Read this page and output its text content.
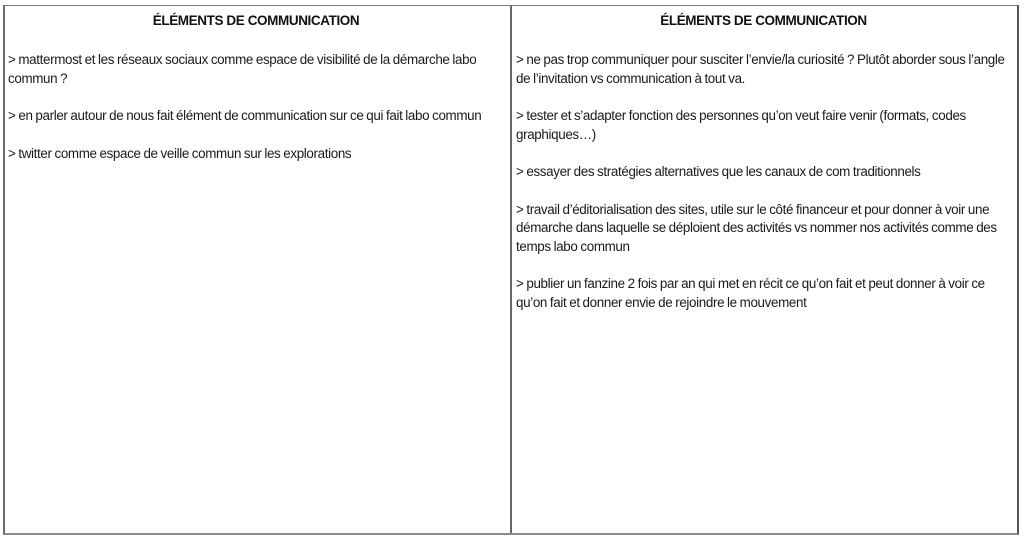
ÉLÉMENTS DE COMMUNICATION

> mattermost et les réseaux sociaux comme espace de visibilité de la démarche labo commun ?

> en parler autour de nous fait élément de communication sur ce qui fait labo commun

> twitter comme espace de veille commun sur les explorations

ÉLÉMENTS DE COMMUNICATION

> ne pas trop communiquer pour susciter l’envie/la curiosité ? Plutôt aborder sous l’angle de l’invitation vs communication à tout va.

> tester et s’adapter fonction des personnes qu’on veut faire venir (formats, codes graphiques…)

> essayer des stratégies alternatives que les canaux de com traditionnels

> travail d’éditorialisation des sites, utile sur le côté financeur et pour donner à voir une démarche dans laquelle se déploient des activités vs nommer nos activités comme des temps labo commun

> publier un fanzine 2 fois par an qui met en récit ce qu’on fait et peut donner à voir ce qu’on fait et donner envie de rejoindre le mouvement
